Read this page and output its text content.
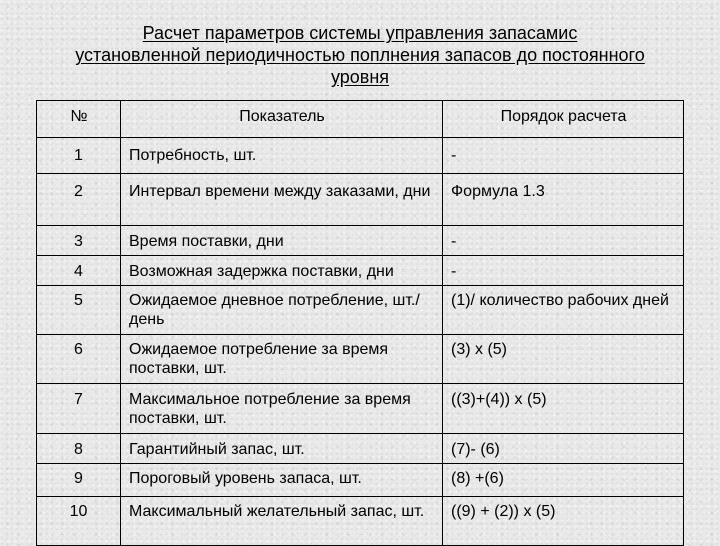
Расчет параметров системы управления запасамис
установленной периодичностью поплнения запасов до постоянного
уровня
№	Показатель	Порядок расчета
1	Потребность, шт.	-
2	Интервал времени между заказами, дни	Формула 1.3
3	Время поставки, дни	-
4	Возможная задержка поставки, дни	-
5	Ожидаемое дневное потребление, шт./день	(1)/ количество рабочих дней
6	Ожидаемое потребление за время поставки, шт.	(3) х (5)
7	Максимальное потребление за время поставки, шт.	((3)+(4)) х (5)
8	Гарантийный запас, шт.	(7)- (6)
9	Пороговый уровень запаса, шт.	(8) +(6)
10	Максимальный желательный запас, шт.	((9) + (2)) х (5)
